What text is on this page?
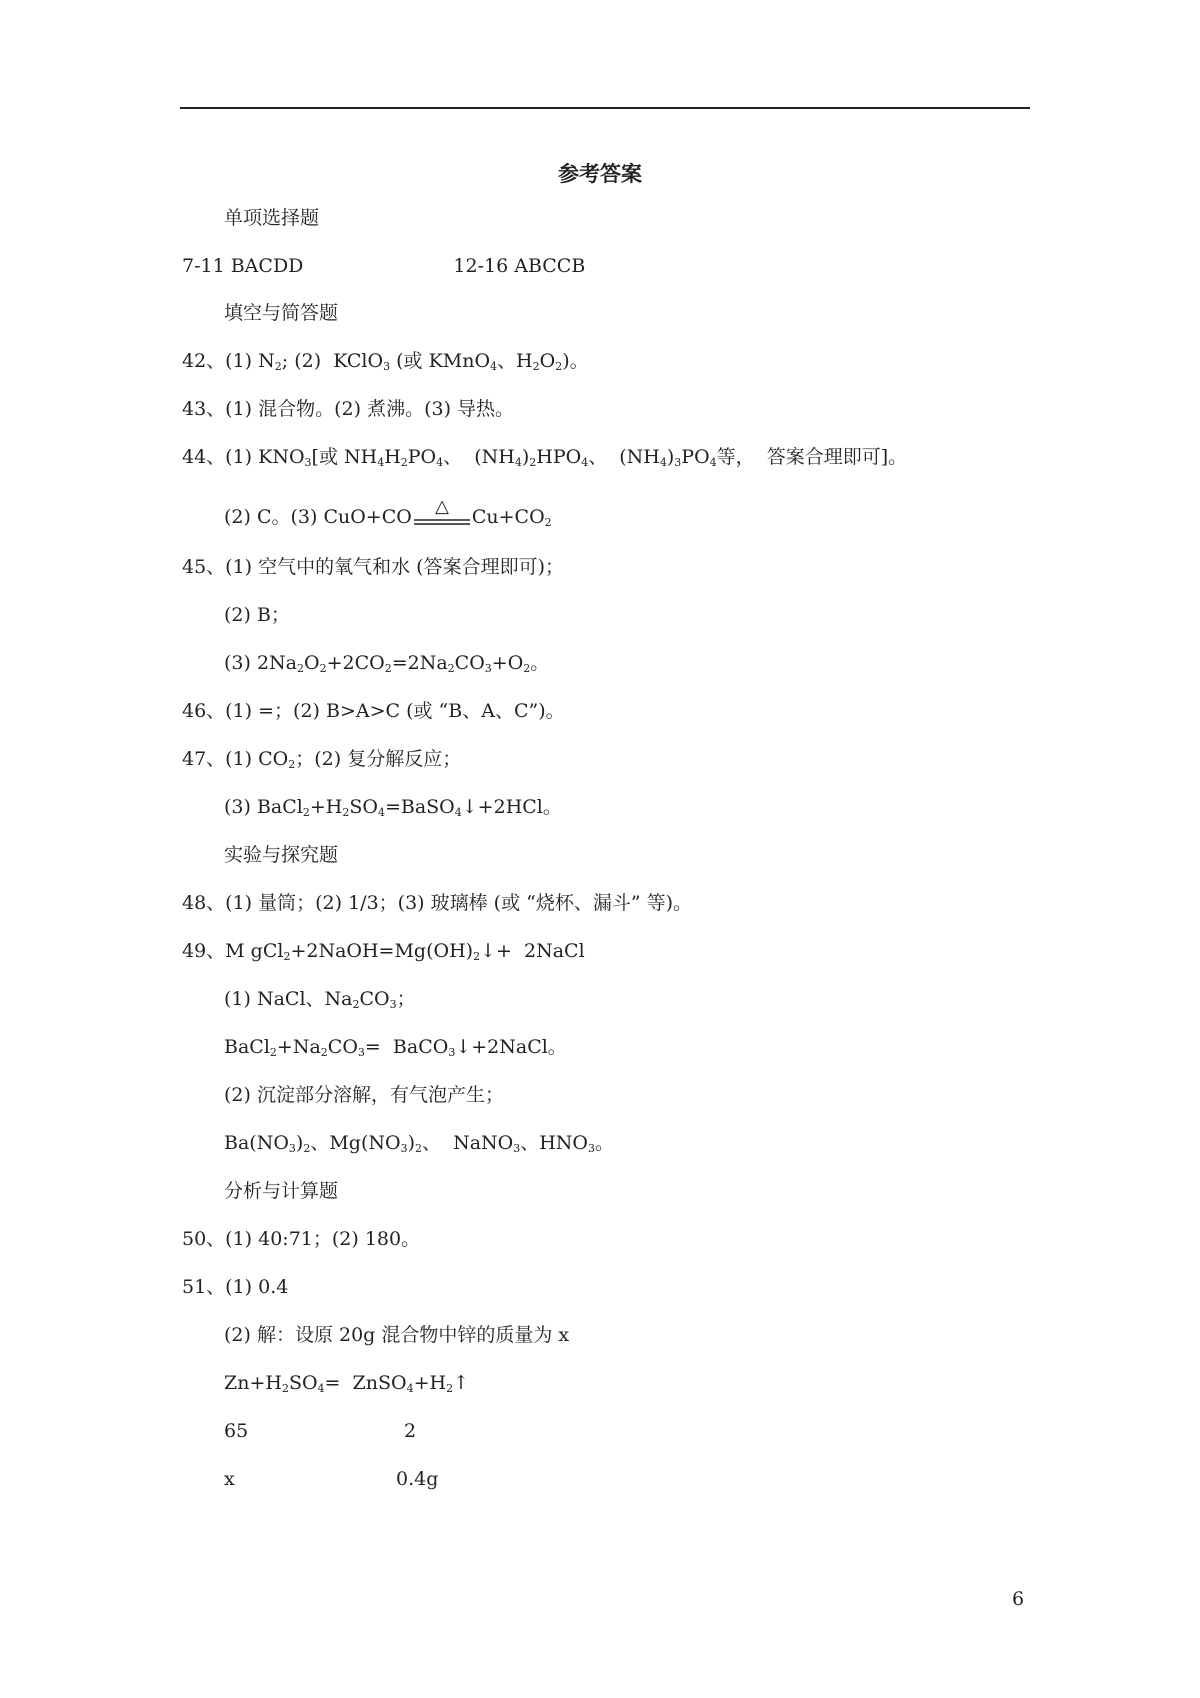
参考答案
单项选择题
7-11 BACDD	12-16 ABCCB
填空与简答题
42、(1) $N_2$; (2)  KClO$_3$ (或 KMnO$_4$、$H_2O_2$)。
43、(1) 混合物。(2) 煮沸。(3) 导热。
44、(1) $KNO_3$[或 $NH_4H_2PO_4$、  $(NH_4)_2HPO_4$、  $(NH_4)_3PO_4$等，  答案合理即可]。
(2) C。(3) CuO+CO △ $Cu+CO_2$
45、(1) 空气中的氧气和水 (答案合理即可)；
(2) B；
(3) $2Na_2O_2+2CO_2=2Na_2CO_3+O_2$。
46、(1) =；(2) B>A>C (或 “B、A、C”)。
47、(1) $CO_2$；(2) 复分解反应；
(3) $BaCl_2+H_2SO_4=BaSO_4↓+2HCl$。
实验与探究题
48、(1) 量筒；(2) 1/3；(3) 玻璃棒 (或 “烧杯、漏斗” 等)。
49、M $gCl_2+2NaOH=Mg(OH)_2↓+$  2NaCl
(1) NaCl、$Na_2CO_3$；
$BaCl_2+Na_2CO_3=$  BaCO$_3$↓+2NaCl。
(2) 沉淀部分溶解，有气泡产生；
$Ba(NO_3)_2$、$Mg(NO_3)_2$、  NaNO$_3$、$HNO_3$。
分析与计算题
50、(1) 40:71；(2) 180。
51、(1) 0.4
(2) 解：设原 20g 混合物中锌的质量为 x
$Zn+H_2SO_4=$  $ZnSO_4+H_2↑$
65	2
x	0.4g
6
